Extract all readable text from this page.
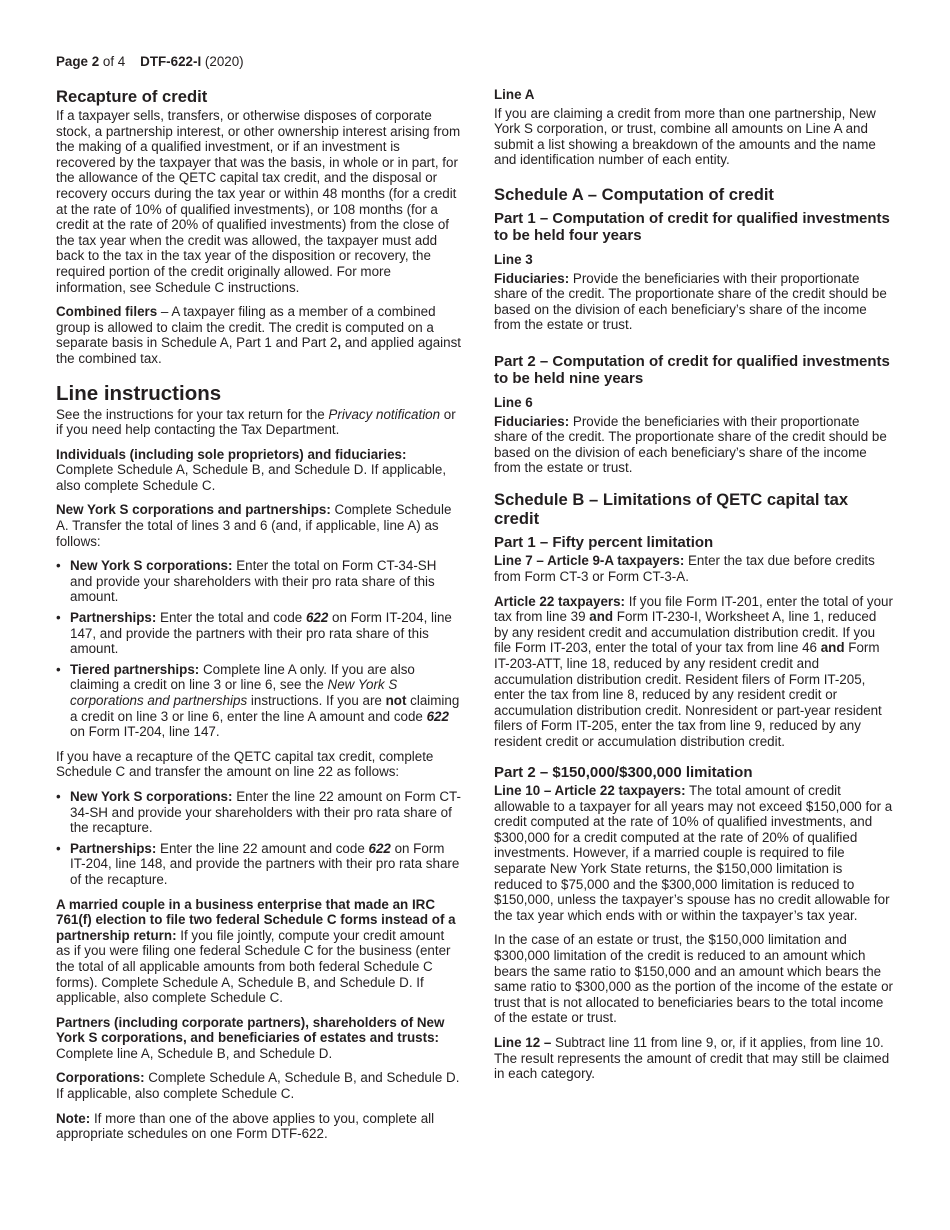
Page 2 of 4 DTF-622-I (2020)
Recapture of credit

If a taxpayer sells, transfers, or otherwise disposes of corporate stock, a partnership interest, or other ownership interest arising from the making of a qualified investment, or if an investment is recovered by the taxpayer that was the basis, in whole or in part, for the allowance of the QETC capital tax credit, and the disposal or recovery occurs during the tax year or within 48 months (for a credit at the rate of 10% of qualified investments), or 108 months (for a credit at the rate of 20% of qualified investments) from the close of the tax year when the credit was allowed, the taxpayer must add back to the tax in the tax year of the disposition or recovery, the required portion of the credit originally allowed. For more information, see Schedule C instructions.

Combined filers – A taxpayer filing as a member of a combined group is allowed to claim the credit. The credit is computed on a separate basis in Schedule A, Part 1 and Part 2, and applied against the combined tax.

Line instructions

See the instructions for your tax return for the Privacy notification or if you need help contacting the Tax Department.

Individuals (including sole proprietors) and fiduciaries: Complete Schedule A, Schedule B, and Schedule D. If applicable, also complete Schedule C.

New York S corporations and partnerships: Complete Schedule A. Transfer the total of lines 3 and 6 (and, if applicable, line A) as follows:

• New York S corporations: Enter the total on Form CT-34-SH and provide your shareholders with their pro rata share of this amount.
• Partnerships: Enter the total and code 622 on Form IT-204, line 147, and provide the partners with their pro rata share of this amount.
• Tiered partnerships: Complete line A only. If you are also claiming a credit on line 3 or line 6, see the New York S corporations and partnerships instructions. If you are not claiming a credit on line 3 or line 6, enter the line A amount and code 622 on Form IT-204, line 147.

If you have a recapture of the QETC capital tax credit, complete Schedule C and transfer the amount on line 22 as follows:

• New York S corporations: Enter the line 22 amount on Form CT-34-SH and provide your shareholders with their pro rata share of the recapture.
• Partnerships: Enter the line 22 amount and code 622 on Form IT-204, line 148, and provide the partners with their pro rata share of the recapture.

A married couple in a business enterprise that made an IRC 761(f) election to file two federal Schedule C forms instead of a partnership return: If you file jointly, compute your credit amount as if you were filing one federal Schedule C for the business (enter the total of all applicable amounts from both federal Schedule C forms). Complete Schedule A, Schedule B, and Schedule D. If applicable, also complete Schedule C.

Partners (including corporate partners), shareholders of New York S corporations, and beneficiaries of estates and trusts: Complete line A, Schedule B, and Schedule D.

Corporations: Complete Schedule A, Schedule B, and Schedule D. If applicable, also complete Schedule C.

Note: If more than one of the above applies to you, complete all appropriate schedules on one Form DTF-622.

Line A

If you are claiming a credit from more than one partnership, New York S corporation, or trust, combine all amounts on Line A and submit a list showing a breakdown of the amounts and the name and identification number of each entity.

Schedule A – Computation of credit
Part 1 – Computation of credit for qualified investments to be held four years
Line 3

Fiduciaries: Provide the beneficiaries with their proportionate share of the credit. The proportionate share of the credit should be based on the division of each beneficiary’s share of the income from the estate or trust.

Part 2 – Computation of credit for qualified investments to be held nine years
Line 6

Fiduciaries: Provide the beneficiaries with their proportionate share of the credit. The proportionate share of the credit should be based on the division of each beneficiary’s share of the income from the estate or trust.

Schedule B – Limitations of QETC capital tax credit
Part 1 – Fifty percent limitation

Line 7 – Article 9-A taxpayers: Enter the tax due before credits from Form CT-3 or Form CT-3-A.

Article 22 taxpayers: If you file Form IT-201, enter the total of your tax from line 39 and Form IT-230-I, Worksheet A, line 1, reduced by any resident credit and accumulation distribution credit. If you file Form IT-203, enter the total of your tax from line 46 and Form IT-203-ATT, line 18, reduced by any resident credit and accumulation distribution credit. Resident filers of Form IT-205, enter the tax from line 8, reduced by any resident credit or accumulation distribution credit. Nonresident or part-year resident filers of Form IT-205, enter the tax from line 9, reduced by any resident credit or accumulation distribution credit.

Part 2 – $150,000/$300,000 limitation

Line 10 – Article 22 taxpayers: The total amount of credit allowable to a taxpayer for all years may not exceed $150,000 for a credit computed at the rate of 10% of qualified investments, and $300,000 for a credit computed at the rate of 20% of qualified investments. However, if a married couple is required to file separate New York State returns, the $150,000 limitation is reduced to $75,000 and the $300,000 limitation is reduced to $150,000, unless the taxpayer’s spouse has no credit allowable for the tax year which ends with or within the taxpayer’s tax year.

In the case of an estate or trust, the $150,000 limitation and $300,000 limitation of the credit is reduced to an amount which bears the same ratio to $150,000 and an amount which bears the same ratio to $300,000 as the portion of the income of the estate or trust that is not allocated to beneficiaries bears to the total income of the estate or trust.

Line 12 – Subtract line 11 from line 9, or, if it applies, from line 10. The result represents the amount of credit that may still be claimed in each category.
